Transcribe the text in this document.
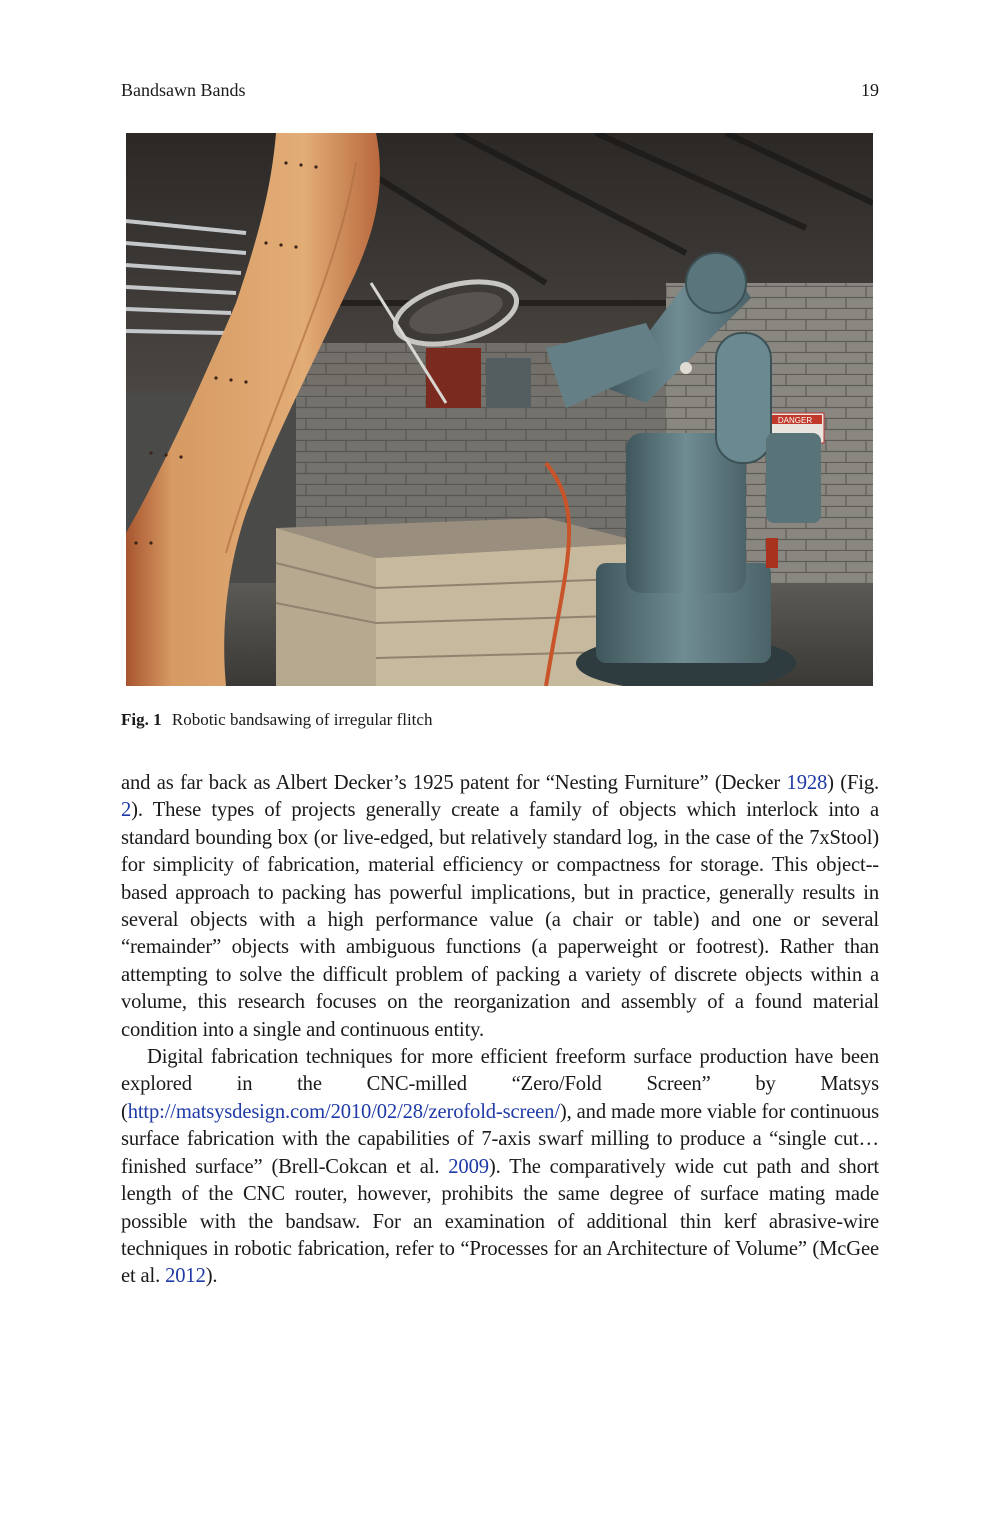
Bandsawn Bands	19
DANGER
Fig. 1 Robotic bandsawing of irregular flitch

and as far back as Albert Decker’s 1925 patent for “Nesting Furniture” (Decker 1928) (Fig. 2). These types of projects generally create a family of objects which interlock into a standard bounding box (or live-edged, but relatively standard log, in the case of the 7xStool) for simplicity of fabrication, material efficiency or compactness for storage. This object--based approach to packing has powerful implications, but in practice, generally results in several objects with a high performance value (a chair or table) and one or several “remainder” objects with ambiguous functions (a paperweight or footrest). Rather than attempting to solve the difficult problem of packing a variety of discrete objects within a volume, this research focuses on the reorganization and assembly of a found material condition into a single and continuous entity.

Digital fabrication techniques for more efficient freeform surface production have been explored in the CNC-milled “Zero/Fold Screen” by Matsys (http://matsysdesign.com/2010/02/28/zerofold-screen/), and made more viable for continuous surface fabrication with the capabilities of 7-axis swarf milling to produce a “single cut…finished surface” (Brell-Cokcan et al. 2009). The comparatively wide cut path and short length of the CNC router, however, prohibits the same degree of surface mating made possible with the bandsaw. For an examination of additional thin kerf abrasive-wire techniques in robotic fabrication, refer to “Processes for an Architecture of Volume” (McGee et al. 2012).
